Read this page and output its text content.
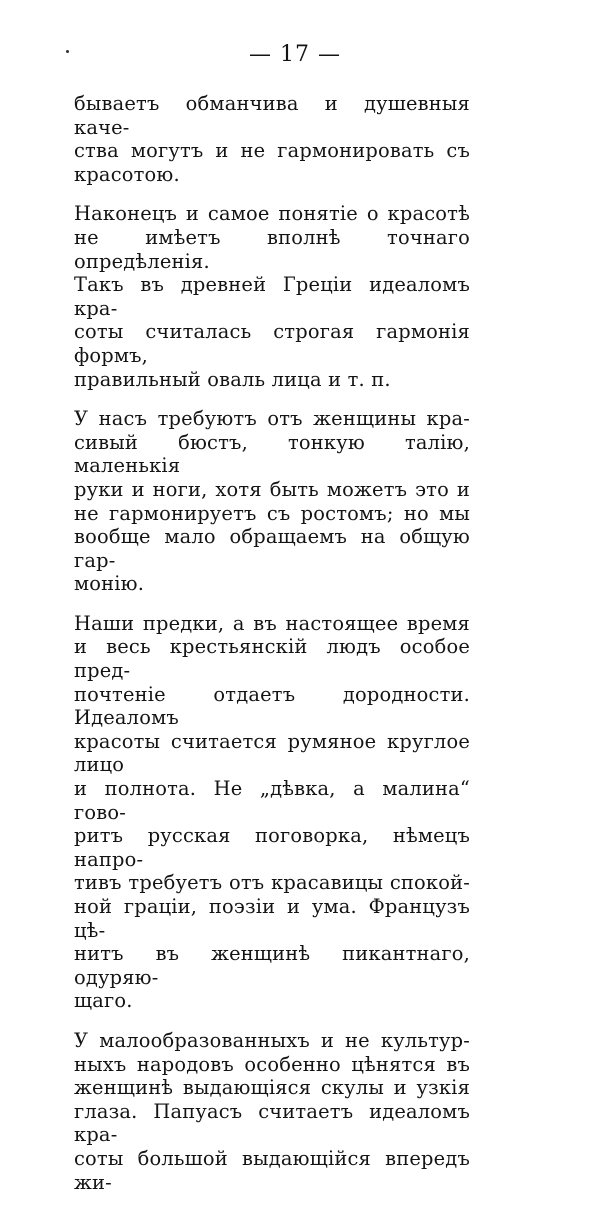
— 17 —

бываетъ обманчива и душевныя каче-
ства могутъ и не гармонировать съ
красотою.

Наконецъ и самое понятiе о красотѣ
не имѣетъ вполнѣ точнаго опредѣленiя.
Такъ въ древней Грецiи идеаломъ кра-
соты считалась строгая гармонiя формъ,
правильный оваль лица и т. п.

У насъ требуютъ отъ женщины кра-
сивый бюстъ, тонкую талiю, маленькiя
руки и ноги, хотя быть можетъ это и
не гармонируетъ съ ростомъ; но мы
вообще мало обращаемъ на общую гар-
монiю.

Наши предки, а въ настоящее время
и весь крестьянскiй людъ особое пред-
почтенiе отдаетъ дородности. Идеаломъ
красоты считается румяное круглое лицо
и полнота. Не „дѣвка, а малина“ гово-
ритъ русская поговорка, нѣмецъ напро-
тивъ требуетъ отъ красавицы спокой-
ной грацiи, поэзiи и ума. Французъ цѣ-
нитъ въ женщинѣ пикантнаго, одуряю-
щаго.

У малообразованныхъ и не культур-
ныхъ народовъ особенно цѣнятся въ
женщинѣ выдающiяся скулы и узкiя
глаза. Папуасъ считаетъ идеаломъ кра-
соты большой выдающiйся впередъ жи-
